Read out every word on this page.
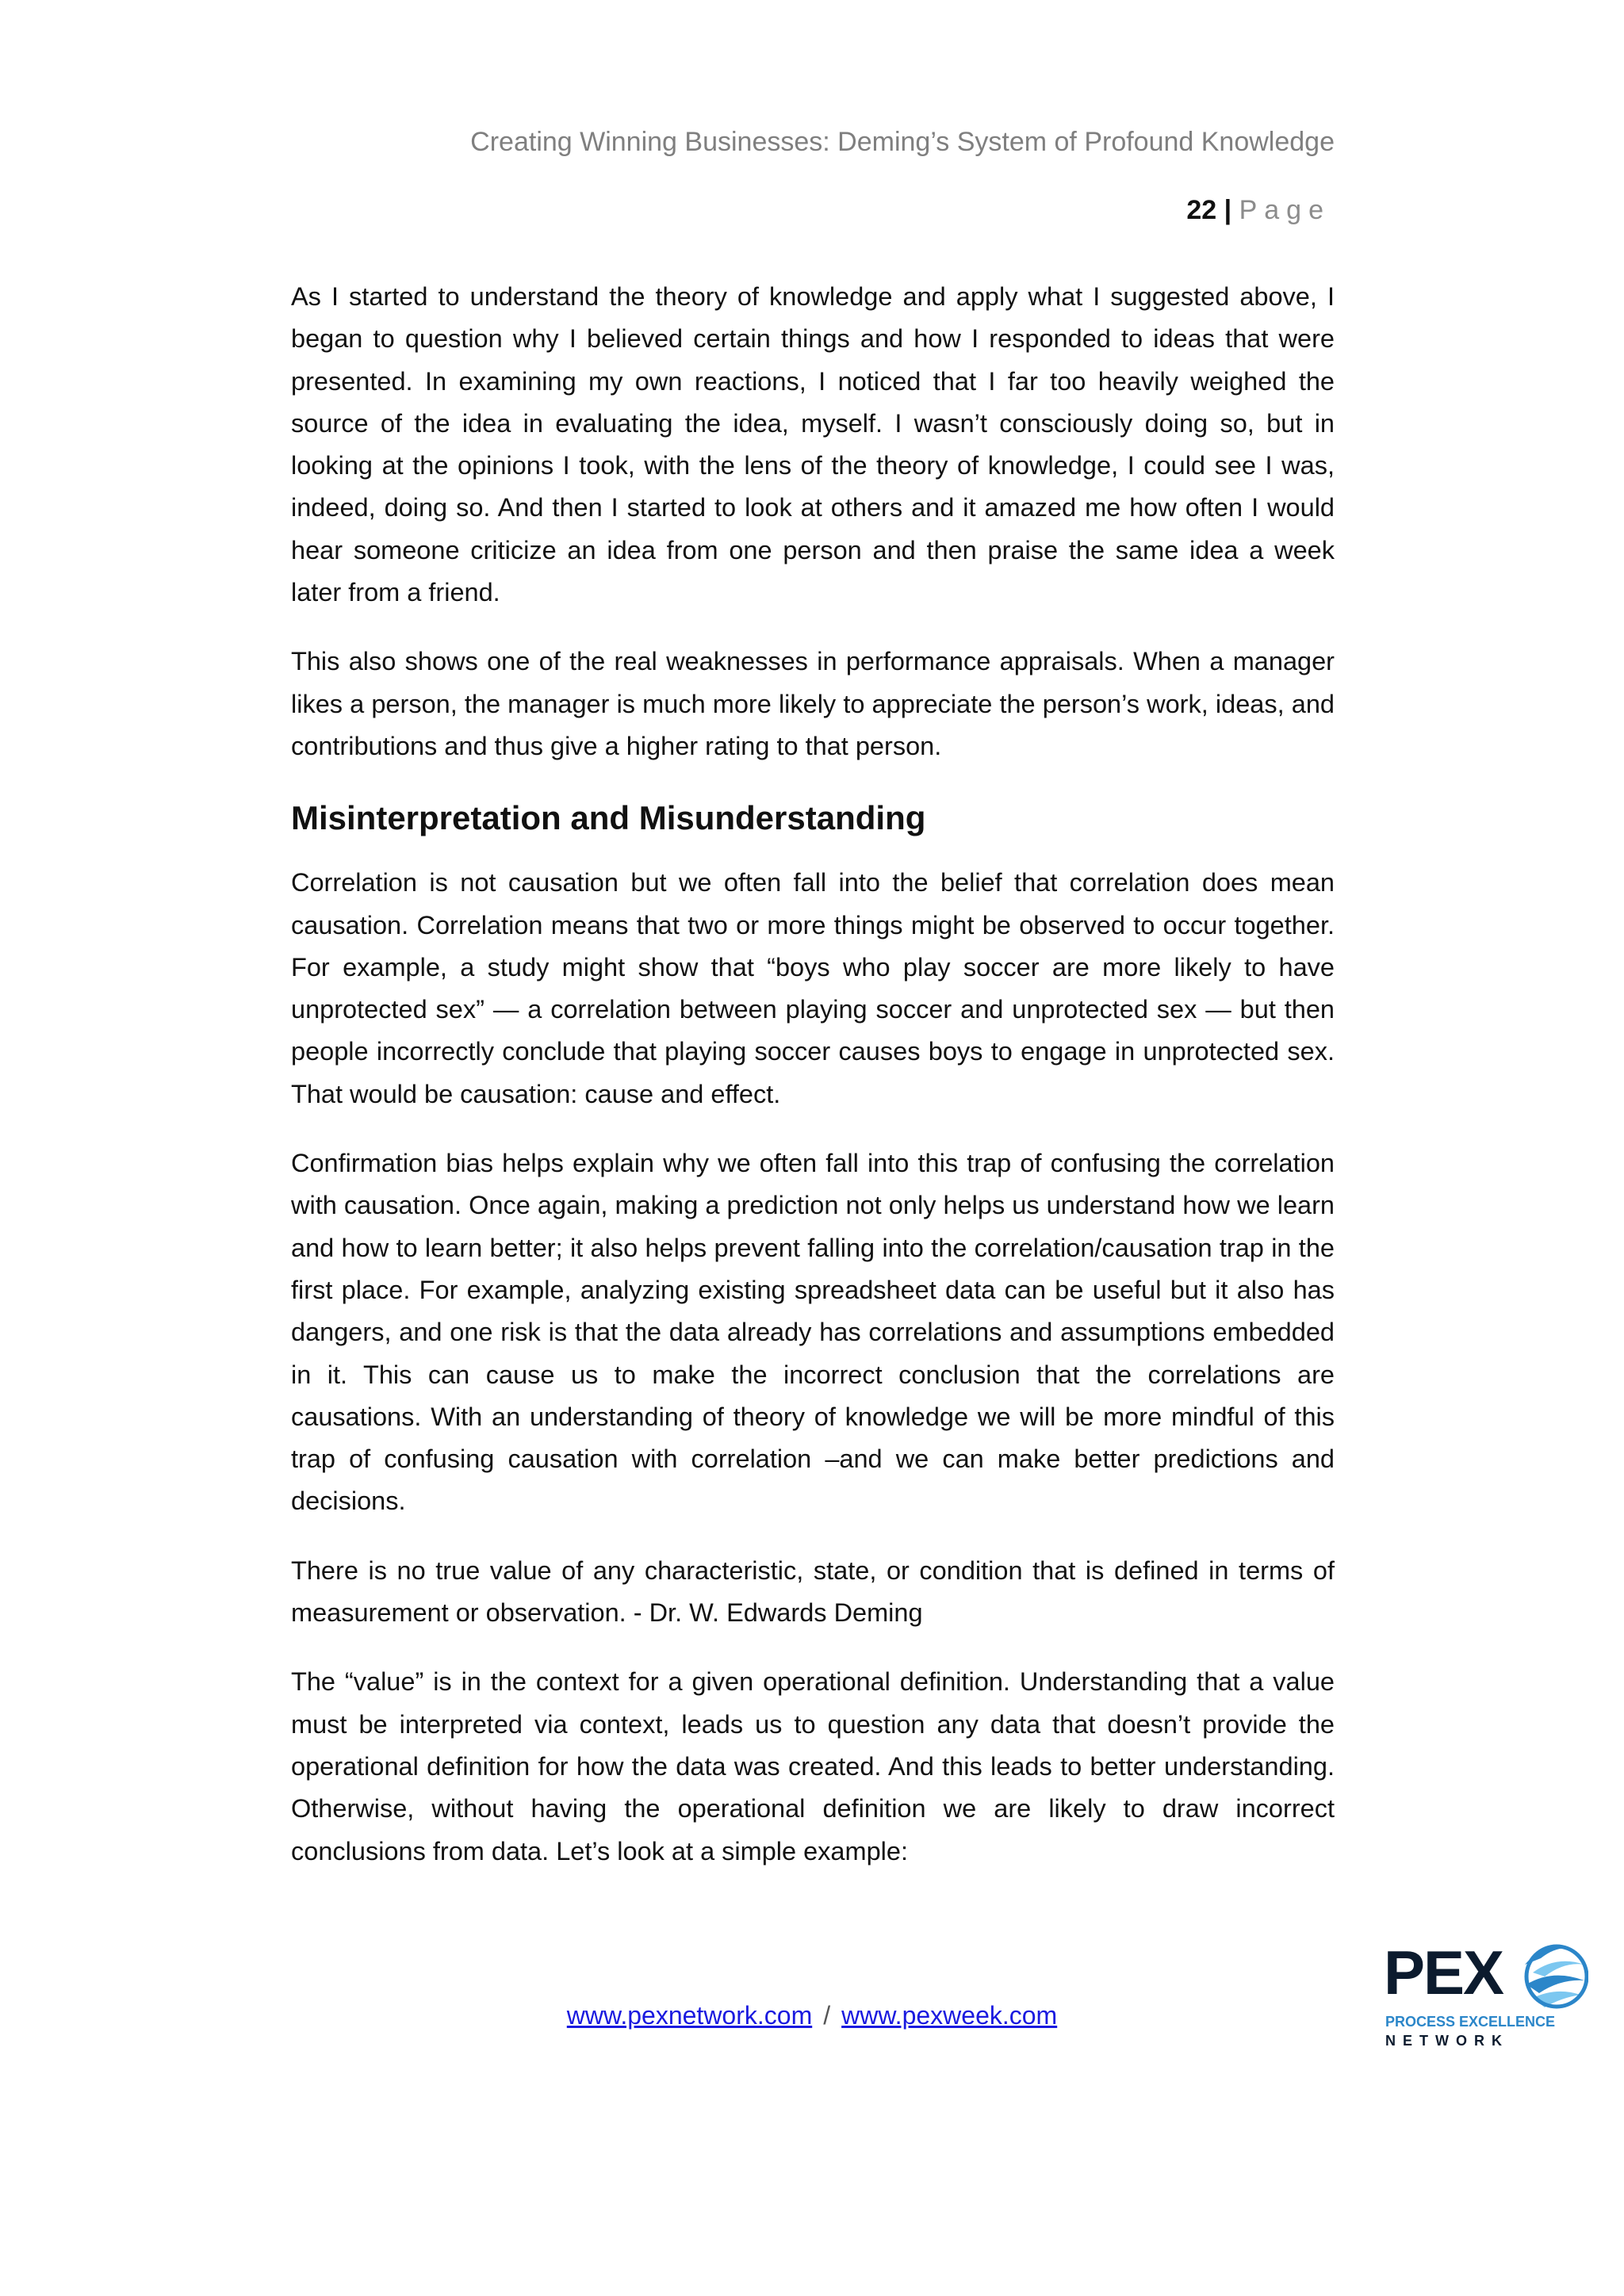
Creating Winning Businesses: Deming’s System of Profound Knowledge
22 | Page

As I started to understand the theory of knowledge and apply what I suggested above, I began to question why I believed certain things and how I responded to ideas that were presented. In examining my own reactions, I noticed that I far too heavily weighed the source of the idea in evaluating the idea, myself. I wasn’t consciously doing so, but in looking at the opinions I took, with the lens of the theory of knowledge, I could see I was, indeed, doing so. And then I started to look at others and it amazed me how often I would hear someone criticize an idea from one person and then praise the same idea a week later from a friend.

This also shows one of the real weaknesses in performance appraisals. When a manager likes a person, the manager is much more likely to appreciate the person’s work, ideas, and contributions and thus give a higher rating to that person.

Misinterpretation and Misunderstanding

Correlation is not causation but we often fall into the belief that correlation does mean causation. Correlation means that two or more things might be observed to occur together. For example, a study might show that “boys who play soccer are more likely to have unprotected sex” — a correlation between playing soccer and unprotected sex — but then people incorrectly conclude that playing soccer causes boys to engage in unprotected sex. That would be causation: cause and effect.

Confirmation bias helps explain why we often fall into this trap of confusing the correlation with causation. Once again, making a prediction not only helps us understand how we learn and how to learn better; it also helps prevent falling into the correlation/causation trap in the first place. For example, analyzing existing spreadsheet data can be useful but it also has dangers, and one risk is that the data already has correlations and assumptions embedded in it. This can cause us to make the incorrect conclusion that the correlations are causations. With an understanding of theory of knowledge we will be more mindful of this trap of confusing causation with correlation –and we can make better predictions and decisions.

There is no true value of any characteristic, state, or condition that is defined in terms of measurement or observation. - Dr. W. Edwards Deming

The “value” is in the context for a given operational definition. Understanding that a value must be interpreted via context, leads us to question any data that doesn’t provide the operational definition for how the data was created. And this leads to better understanding. Otherwise, without having the operational definition we are likely to draw incorrect conclusions from data. Let’s look at a simple example:

www.pexnetwork.com / www.pexweek.com
PEX
PROCESS EXCELLENCE
NETWORK
